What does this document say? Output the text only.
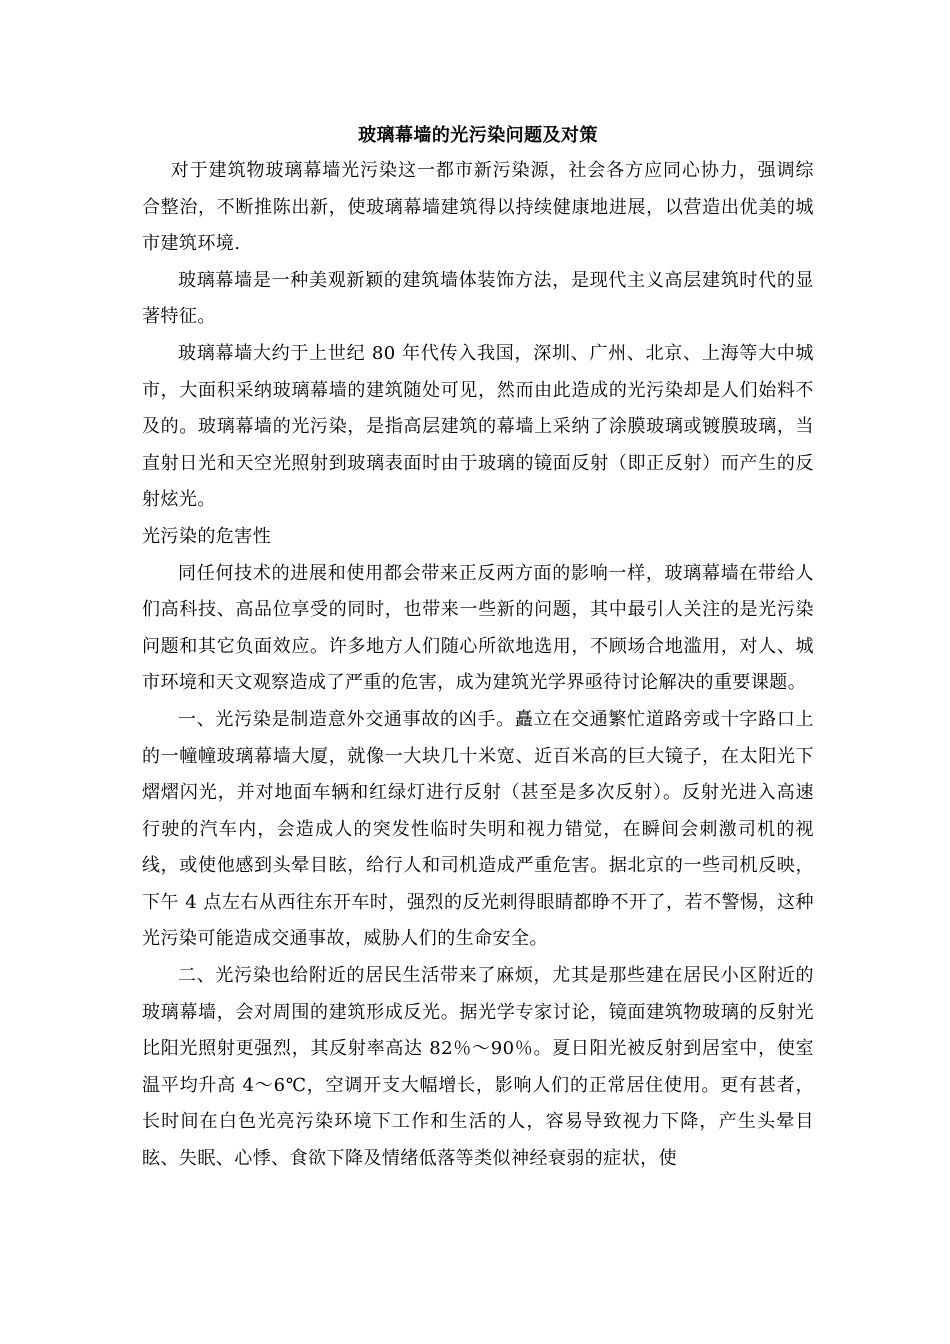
玻璃幕墙的光污染问题及对策

对于建筑物玻璃幕墙光污染这一都市新污染源，社会各方应同心协力，强调综合整治，不断推陈出新，使玻璃幕墙建筑得以持续健康地进展，以营造出优美的城市建筑环境.

玻璃幕墙是一种美观新颖的建筑墙体装饰方法，是现代主义高层建筑时代的显著特征。

玻璃幕墙大约于上世纪 80 年代传入我国，深圳、广州、北京、上海等大中城市，大面积采纳玻璃幕墙的建筑随处可见，然而由此造成的光污染却是人们始料不及的。玻璃幕墙的光污染，是指高层建筑的幕墙上采纳了涂膜玻璃或镀膜玻璃，当直射日光和天空光照射到玻璃表面时由于玻璃的镜面反射（即正反射）而产生的反射炫光。

光污染的危害性

同任何技术的进展和使用都会带来正反两方面的影响一样，玻璃幕墙在带给人们高科技、高品位享受的同时，也带来一些新的问题，其中最引人关注的是光污染问题和其它负面效应。许多地方人们随心所欲地选用，不顾场合地滥用，对人、城市环境和天文观察造成了严重的危害，成为建筑光学界亟待讨论解决的重要课题。

一、光污染是制造意外交通事故的凶手。矗立在交通繁忙道路旁或十字路口上的一幢幢玻璃幕墙大厦，就像一大块几十米宽、近百米高的巨大镜子，在太阳光下熠熠闪光，并对地面车辆和红绿灯进行反射（甚至是多次反射）。反射光进入高速行驶的汽车内，会造成人的突发性临时失明和视力错觉，在瞬间会刺激司机的视线，或使他感到头晕目眩，给行人和司机造成严重危害。据北京的一些司机反映，下午 4 点左右从西往东开车时，强烈的反光刺得眼睛都睁不开了，若不警惕，这种光污染可能造成交通事故，威胁人们的生命安全。

二、光污染也给附近的居民生活带来了麻烦，尤其是那些建在居民小区附近的玻璃幕墙，会对周围的建筑形成反光。据光学专家讨论，镜面建筑物玻璃的反射光比阳光照射更强烈，其反射率高达 82％～90％。夏日阳光被反射到居室中，使室温平均升高 4～6℃，空调开支大幅增长，影响人们的正常居住使用。更有甚者，长时间在白色光亮污染环境下工作和生活的人，容易导致视力下降，产生头晕目眩、失眠、心悸、食欲下降及情绪低落等类似神经衰弱的症状，使
